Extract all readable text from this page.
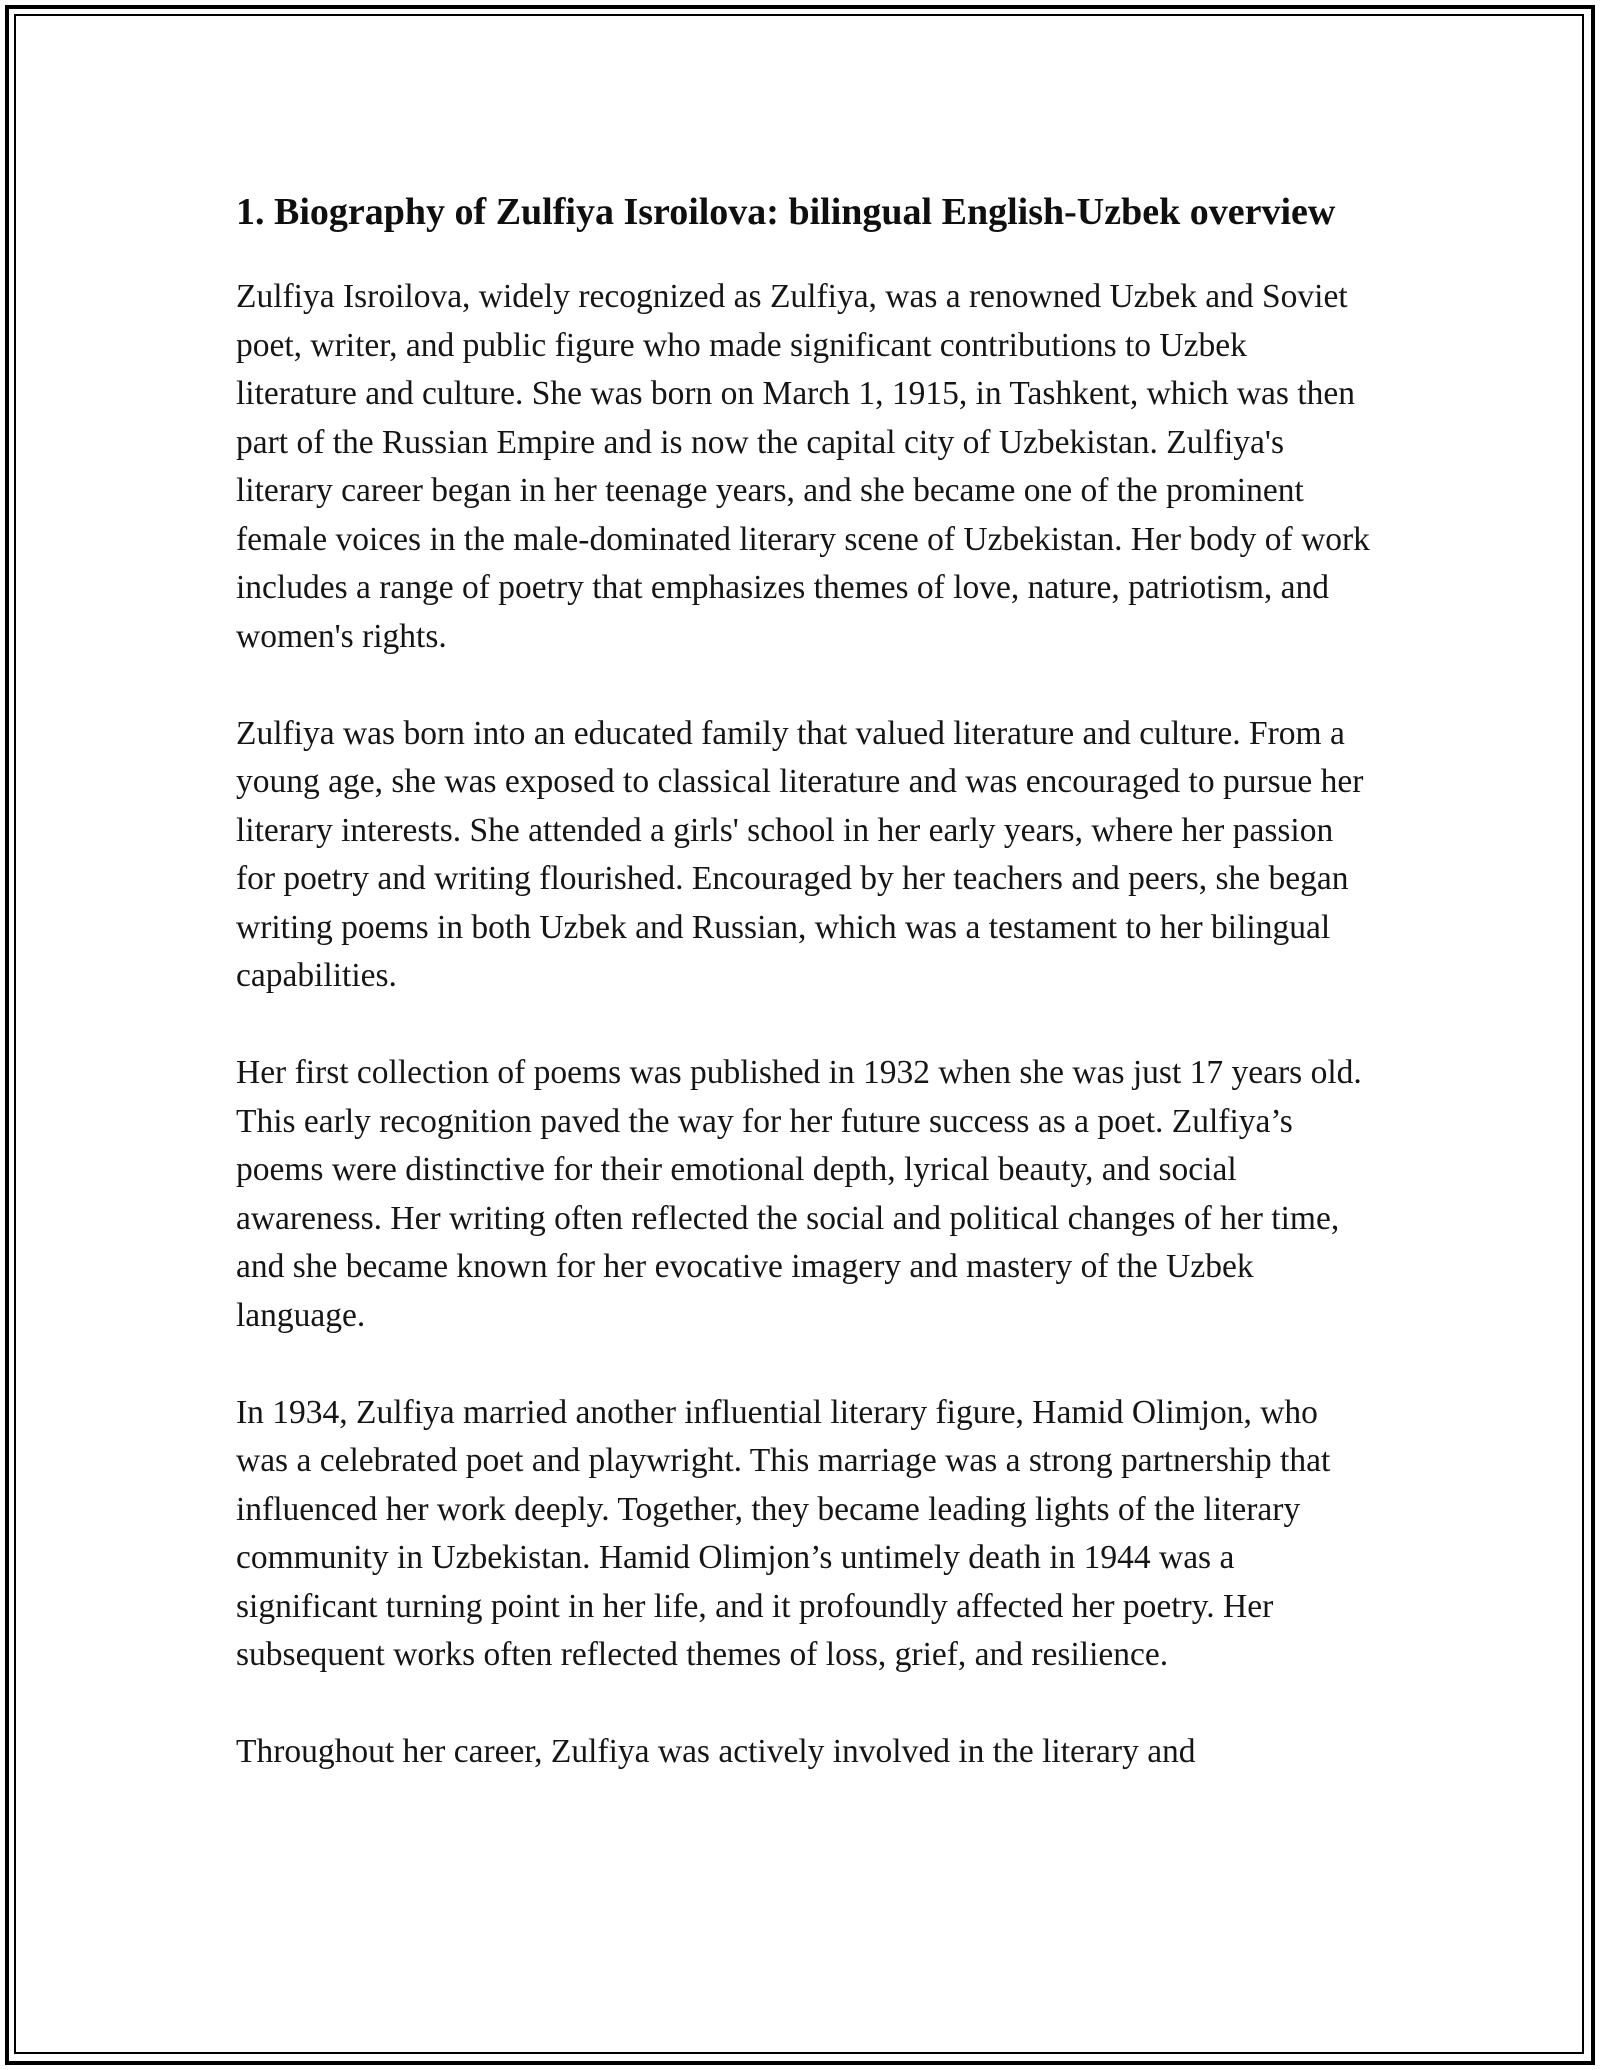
1. Biography of Zulfiya Isroilova: bilingual English-Uzbek overview

Zulfiya Isroilova, widely recognized as Zulfiya, was a renowned Uzbek and Soviet poet, writer, and public figure who made significant contributions to Uzbek literature and culture. She was born on March 1, 1915, in Tashkent, which was then part of the Russian Empire and is now the capital city of Uzbekistan. Zulfiya's literary career began in her teenage years, and she became one of the prominent female voices in the male-dominated literary scene of Uzbekistan. Her body of work includes a range of poetry that emphasizes themes of love, nature, patriotism, and women's rights.

Zulfiya was born into an educated family that valued literature and culture. From a young age, she was exposed to classical literature and was encouraged to pursue her literary interests. She attended a girls' school in her early years, where her passion for poetry and writing flourished. Encouraged by her teachers and peers, she began writing poems in both Uzbek and Russian, which was a testament to her bilingual capabilities.

Her first collection of poems was published in 1932 when she was just 17 years old. This early recognition paved the way for her future success as a poet. Zulfiya’s poems were distinctive for their emotional depth, lyrical beauty, and social awareness. Her writing often reflected the social and political changes of her time, and she became known for her evocative imagery and mastery of the Uzbek language.

In 1934, Zulfiya married another influential literary figure, Hamid Olimjon, who was a celebrated poet and playwright. This marriage was a strong partnership that influenced her work deeply. Together, they became leading lights of the literary community in Uzbekistan. Hamid Olimjon’s untimely death in 1944 was a significant turning point in her life, and it profoundly affected her poetry. Her subsequent works often reflected themes of loss, grief, and resilience.

Throughout her career, Zulfiya was actively involved in the literary and
